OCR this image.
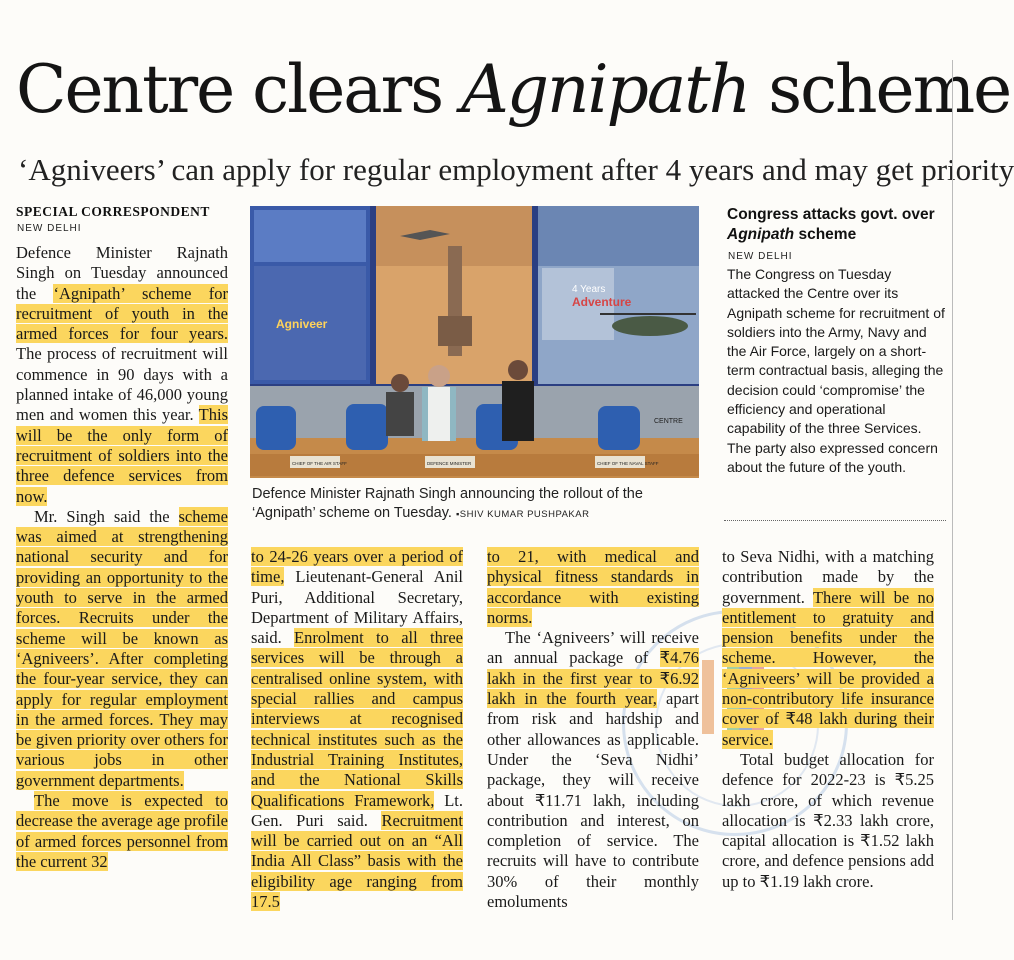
Centre clears Agnipath scheme
‘Agniveers’ can apply for regular employment after 4 years and may get priority
SPECIAL CORRESPONDENT
NEW DELHI

Defence Minister Rajnath Singh on Tuesday announced the ‘Agnipath’ scheme for recruitment of youth in the armed forces for four years. The process of recruitment will commence in 90 days with a planned intake of 46,000 young men and women this year. This will be the only form of recruitment of soldiers into the three defence services from now.

Mr. Singh said the scheme was aimed at strengthening national security and for providing an opportunity to the youth to serve in the armed forces. Recruits under the scheme will be known as ‘Agniveers’. After completing the four-year service, they can apply for regular employment in the armed forces. They may be given priority over others for various jobs in other government departments.

The move is expected to decrease the average age profile of armed forces personnel from the current 32

Adventure
4 Years
Agniveer
CHIEF OF THE AIR STAFF	DEFENCE MINISTER	CHIEF OF THE NAVAL STAFF
CENTRE
Defence Minister Rajnath Singh announcing the rollout of the ‘Agnipath’ scheme on Tuesday. ▪SHIV KUMAR PUSHPAKAR
Congress attacks govt. over Agnipath scheme
NEW DELHI
The Congress on Tuesday attacked the Centre over its Agnipath scheme for recruitment of soldiers into the Army, Navy and the Air Force, largely on a short-term contractual basis, alleging the decision could ‘compromise’ the efficiency and operational capability of the three Services. The party also expressed concern about the future of the youth.

to 24-26 years over a period of time, Lieutenant-General Anil Puri, Additional Secretary, Department of Military Affairs, said. Enrolment to all three services will be through a centralised online system, with special rallies and campus interviews at recognised technical institutes such as the Industrial Training Institutes, and the National Skills Qualifications Framework, Lt. Gen. Puri said. Recruitment will be carried out on an “All India All Class” basis with the eligibility age ranging from 17.5

to 21, with medical and physical fitness standards in accordance with existing norms.

The ‘Agniveers’ will receive an annual package of ₹4.76 lakh in the first year to ₹6.92 lakh in the fourth year, apart from risk and hardship and other allowances as applicable. Under the ‘Seva Nidhi’ package, they will receive about ₹11.71 lakh, including contribution and interest, on completion of service. The recruits will have to contribute 30% of their monthly emoluments

to Seva Nidhi, with a matching contribution made by the government. There will be no entitlement to gratuity and pension benefits under the scheme. However, the ‘Agniveers’ will be provided a non-contributory life insurance cover of ₹48 lakh during their service.

Total budget allocation for defence for 2022-23 is ₹5.25 lakh crore, of which revenue allocation is ₹2.33 lakh crore, capital allocation is ₹1.52 lakh crore, and defence pensions add up to ₹1.19 lakh crore.
